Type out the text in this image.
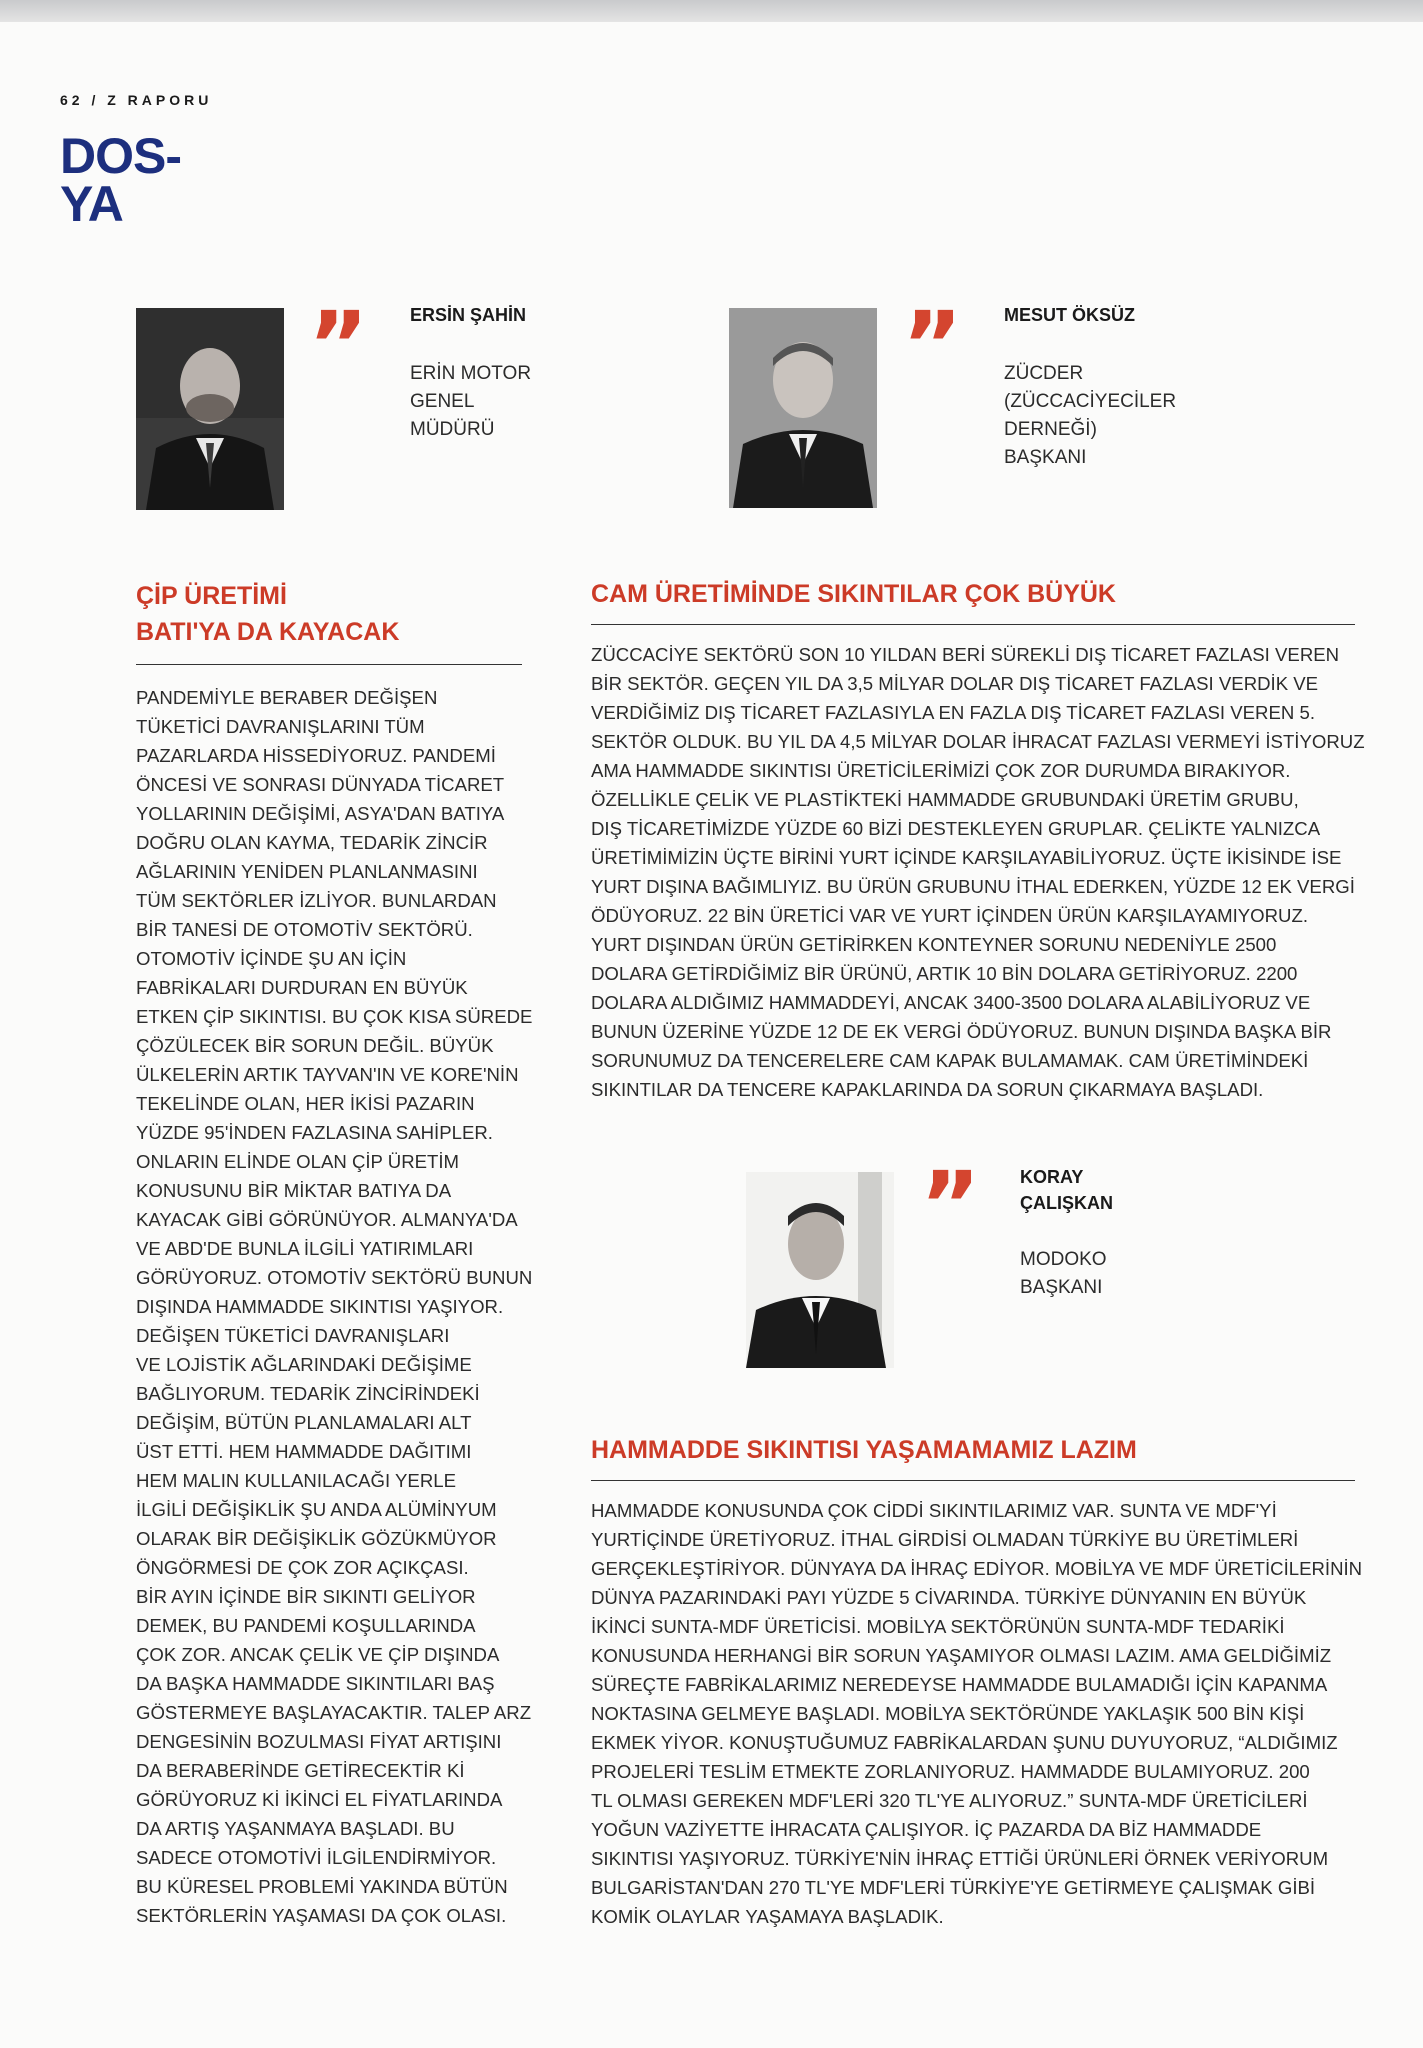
62 / Z RAPORU
DOS-
YA
”	ERSİN ŞAHİN
ERİN MOTOR
GENEL
MÜDÜRÜ
”	MESUT ÖKSÜZ
ZÜCDER
(ZÜCCACİYECİLER
DERNEĞİ)
BAŞKANI
ÇİP ÜRETİMİ
BATI'YA DA KAYACAK
PANDEMİYLE BERABER DEĞİŞEN
TÜKETİCİ DAVRANIŞLARINI TÜM
PAZARLARDA HİSSEDİYORUZ. PANDEMİ
ÖNCESİ VE SONRASI DÜNYADA TİCARET
YOLLARININ DEĞİŞİMİ, ASYA'DAN BATIYA
DOĞRU OLAN KAYMA, TEDARİK ZİNCİR
AĞLARININ YENİDEN PLANLANMASINI
TÜM SEKTÖRLER İZLİYOR. BUNLARDAN
BİR TANESİ DE OTOMOTİV SEKTÖRÜ.
OTOMOTİV İÇİNDE ŞU AN İÇİN
FABRİKALARI DURDURAN EN BÜYÜK
ETKEN ÇİP SIKINTISI. BU ÇOK KISA SÜREDE
ÇÖZÜLECEK BİR SORUN DEĞİL. BÜYÜK
ÜLKELERİN ARTIK TAYVAN'IN VE KORE'NİN
TEKELİNDE OLAN, HER İKİSİ PAZARIN
YÜZDE 95'İNDEN FAZLASINA SAHİPLER.
ONLARIN ELİNDE OLAN ÇİP ÜRETİM
KONUSUNU BİR MİKTAR BATIYA DA
KAYACAK GİBİ GÖRÜNÜYOR. ALMANYA'DA
VE ABD'DE BUNLA İLGİLİ YATIRIMLARI
GÖRÜYORUZ. OTOMOTİV SEKTÖRÜ BUNUN
DIŞINDA HAMMADDE SIKINTISI YAŞIYOR.
DEĞİŞEN TÜKETİCİ DAVRANIŞLARI
VE LOJİSTİK AĞLARINDAKİ DEĞİŞİME
BAĞLIYORUM. TEDARİK ZİNCİRİNDEKİ
DEĞİŞİM, BÜTÜN PLANLAMALARI ALT
ÜST ETTİ. HEM HAMMADDE DAĞITIMI
HEM MALIN KULLANILACAĞI YERLE
İLGİLİ DEĞİŞİKLİK ŞU ANDA ALÜMİNYUM
OLARAK BİR DEĞİŞİKLİK GÖZÜKMÜYOR
ÖNGÖRMESİ DE ÇOK ZOR AÇIKÇASI.
BİR AYIN İÇİNDE BİR SIKINTI GELİYOR
DEMEK, BU PANDEMİ KOŞULLARINDA
ÇOK ZOR. ANCAK ÇELİK VE ÇİP DIŞINDA
DA BAŞKA HAMMADDE SIKINTILARI BAŞ
GÖSTERMEYE BAŞLAYACAKTIR. TALEP ARZ
DENGESİNİN BOZULMASI FİYAT ARTIŞINI
DA BERABERİNDE GETİRECEKTİR Kİ
GÖRÜYORUZ Kİ İKİNCİ EL FİYATLARINDA
DA ARTIŞ YAŞANMAYA BAŞLADI. BU
SADECE OTOMOTİVİ İLGİLENDİRMİYOR.
BU KÜRESEL PROBLEMİ YAKINDA BÜTÜN
SEKTÖRLERİN YAŞAMASI DA ÇOK OLASI.
CAM ÜRETİMİNDE SIKINTILAR ÇOK BÜYÜK
ZÜCCACİYE SEKTÖRÜ SON 10 YILDAN BERİ SÜREKLİ DIŞ TİCARET FAZLASI VEREN
BİR SEKTÖR. GEÇEN YIL DA 3,5 MİLYAR DOLAR DIŞ TİCARET FAZLASI VERDİK VE
VERDİĞİMİZ DIŞ TİCARET FAZLASIYLA EN FAZLA DIŞ TİCARET FAZLASI VEREN 5.
SEKTÖR OLDUK. BU YIL DA 4,5 MİLYAR DOLAR İHRACAT FAZLASI VERMEYİ İSTİYORUZ
AMA HAMMADDE SIKINTISI ÜRETİCİLERİMİZİ ÇOK ZOR DURUMDA BIRAKIYOR.
ÖZELLİKLE ÇELİK VE PLASTİKTEKİ HAMMADDE GRUBUNDAKİ ÜRETİM GRUBU,
DIŞ TİCARETİMİZDE YÜZDE 60 BİZİ DESTEKLEYEN GRUPLAR. ÇELİKTE YALNIZCA
ÜRETİMİMİZİN ÜÇTE BİRİNİ YURT İÇİNDE KARŞILAYABİLİYORUZ. ÜÇTE İKİSİNDE İSE
YURT DIŞINA BAĞIMLIYIZ. BU ÜRÜN GRUBUNU İTHAL EDERKEN, YÜZDE 12 EK VERGİ
ÖDÜYORUZ. 22 BİN ÜRETİCİ VAR VE YURT İÇİNDEN ÜRÜN KARŞILAYAMIYORUZ.
YURT DIŞINDAN ÜRÜN GETİRİRKEN KONTEYNER SORUNU NEDENİYLE 2500
DOLARA GETİRDİĞİMİZ BİR ÜRÜNÜ, ARTIK 10 BİN DOLARA GETİRİYORUZ. 2200
DOLARA ALDIĞIMIZ HAMMADDEYİ, ANCAK 3400-3500 DOLARA ALABİLİYORUZ VE
BUNUN ÜZERİNE YÜZDE 12 DE EK VERGİ ÖDÜYORUZ. BUNUN DIŞINDA BAŞKA BİR
SORUNUMUZ DA TENCERELERE CAM KAPAK BULAMAMAK. CAM ÜRETİMİNDEKİ
SIKINTILAR DA TENCERE KAPAKLARINDA DA SORUN ÇIKARMAYA BAŞLADI.
”	KORAY
ÇALIŞKAN
MODOKO
BAŞKANI
HAMMADDE SIKINTISI YAŞAMAMAMIZ LAZIM
HAMMADDE KONUSUNDA ÇOK CİDDİ SIKINTILARIMIZ VAR. SUNTA VE MDF'Yİ
YURTİÇİNDE ÜRETİYORUZ. İTHAL GİRDİSİ OLMADAN TÜRKİYE BU ÜRETİMLERİ
GERÇEKLEŞTİRİYOR. DÜNYAYA DA İHRAÇ EDİYOR. MOBİLYA VE MDF ÜRETİCİLERİNİN
DÜNYA PAZARINDAKİ PAYI YÜZDE 5 CİVARINDA. TÜRKİYE DÜNYANIN EN BÜYÜK
İKİNCİ SUNTA-MDF ÜRETİCİSİ. MOBİLYA SEKTÖRÜNÜN SUNTA-MDF TEDARİKİ
KONUSUNDA HERHANGİ BİR SORUN YAŞAMIYOR OLMASI LAZIM. AMA GELDİĞİMİZ
SÜREÇTE FABRİKALARIMIZ NEREDEYSE HAMMADDE BULAMADIĞI İÇİN KAPANMA
NOKTASINA GELMEYE BAŞLADI. MOBİLYA SEKTÖRÜNDE YAKLAŞIK 500 BİN KİŞİ
EKMEK YİYOR. KONUŞTUĞUMUZ FABRİKALARDAN ŞUNU DUYUYORUZ, “ALDIĞIMIZ
PROJELERİ TESLİM ETMEKTE ZORLANIYORUZ. HAMMADDE BULAMIYORUZ. 200
TL OLMASI GEREKEN MDF'LERİ 320 TL'YE ALIYORUZ.” SUNTA-MDF ÜRETİCİLERİ
YOĞUN VAZİYETTE İHRACATA ÇALIŞIYOR. İÇ PAZARDA DA BİZ HAMMADDE
SIKINTISI YAŞIYORUZ. TÜRKİYE'NİN İHRAÇ ETTİĞİ ÜRÜNLERİ ÖRNEK VERİYORUM
BULGARİSTAN'DAN 270 TL'YE MDF'LERİ TÜRKİYE'YE GETİRMEYE ÇALIŞMAK GİBİ
KOMİK OLAYLAR YAŞAMAYA BAŞLADIK.
